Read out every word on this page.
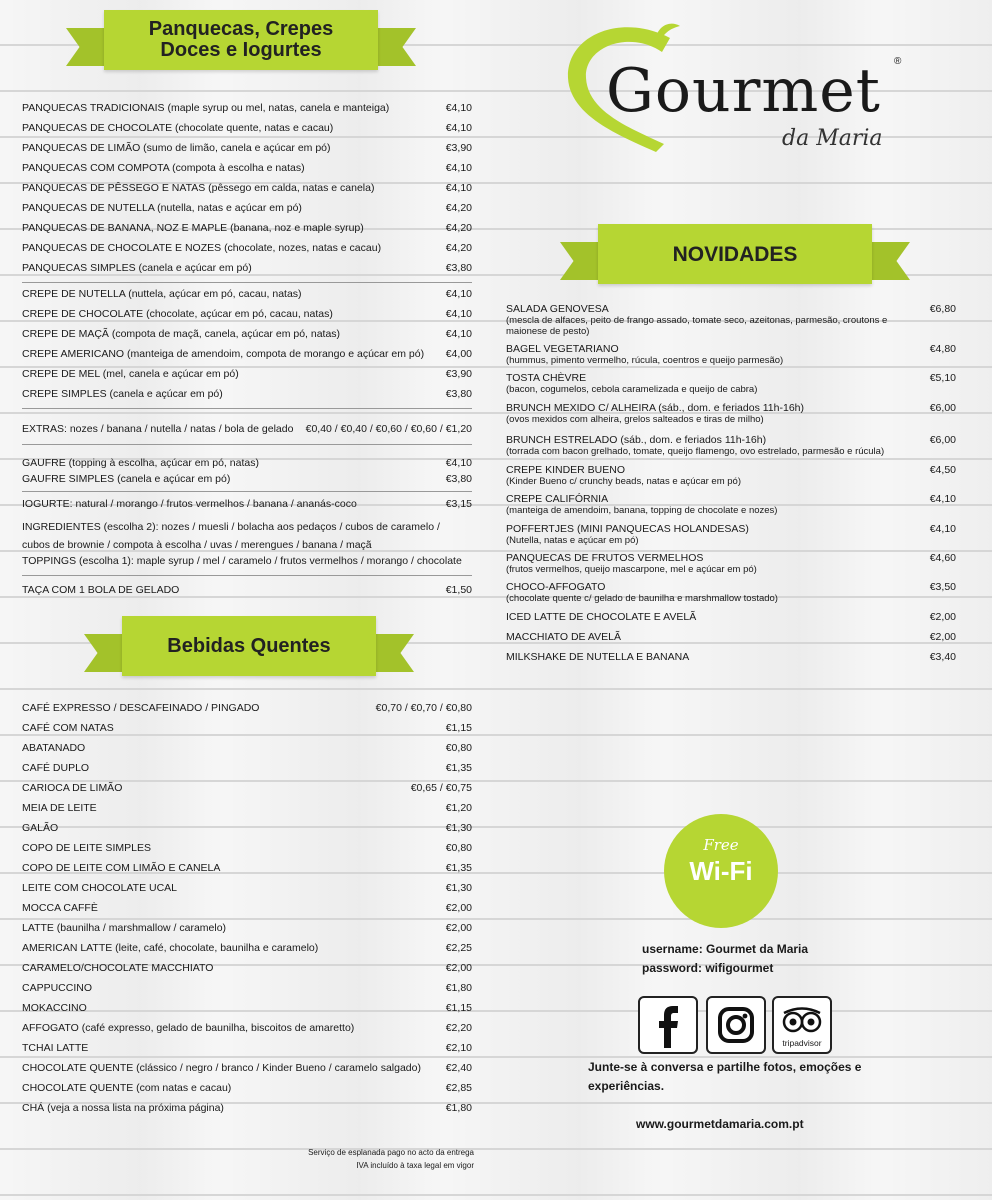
Panquecas, Crepes
Doces e Iogurtes
Gourmet ®
da Maria
PANQUECAS TRADICIONAIS (maple syrup ou mel, natas, canela e manteiga)	€4,10
PANQUECAS DE CHOCOLATE (chocolate quente, natas e cacau)	€4,10
PANQUECAS DE LIMÃO (sumo de limão, canela e açúcar em pó)	€3,90
PANQUECAS COM COMPOTA (compota à escolha e natas)	€4,10
PANQUECAS DE PÊSSEGO E NATAS (pêssego em calda, natas e canela)	€4,10
PANQUECAS DE NUTELLA (nutella, natas e açúcar em pó)	€4,20
PANQUECAS DE BANANA, NOZ E MAPLE (banana, noz e maple syrup)	€4,20
PANQUECAS DE CHOCOLATE E NOZES (chocolate, nozes, natas e cacau)	€4,20
PANQUECAS SIMPLES (canela e açúcar em pó)	€3,80
CREPE DE NUTELLA (nuttela, açúcar em pó, cacau, natas)	€4,10
CREPE DE CHOCOLATE (chocolate, açúcar em pó, cacau, natas)	€4,10
CREPE DE MAÇÃ (compota de maçã, canela, açúcar em pó, natas)	€4,10
CREPE AMERICANO (manteiga de amendoim, compota de morango e açúcar em pó)	€4,00
CREPE DE MEL (mel, canela e açúcar em pó)	€3,90
CREPE SIMPLES (canela e açúcar em pó)	€3,80
EXTRAS: nozes / banana / nutella / natas / bola de gelado	€0,40 / €0,40 / €0,60 / €0,60 / €1,20
GAUFRE (topping à escolha, açúcar em pó, natas)	€4,10
GAUFRE SIMPLES (canela e açúcar em pó)	€3,80
IOGURTE: natural / morango / frutos vermelhos / banana / ananás-coco	€3,15
INGREDIENTES (escolha 2): nozes / muesli / bolacha aos pedaços / cubos de caramelo / cubos de brownie / compota à escolha / uvas / merengues / banana / maçã
TOPPINGS (escolha 1): maple syrup / mel / caramelo / frutos vermelhos / morango / chocolate
TAÇA COM 1 BOLA DE GELADO	€1,50
Bebidas Quentes
CAFÉ EXPRESSO / DESCAFEINADO / PINGADO	€0,70 / €0,70 / €0,80
CAFÉ COM NATAS	€1,15
ABATANADO	€0,80
CAFÉ DUPLO	€1,35
CARIOCA DE LIMÃO	€0,65 / €0,75
MEIA DE LEITE	€1,20
GALÃO	€1,30
COPO DE LEITE SIMPLES	€0,80
COPO DE LEITE COM LIMÃO E CANELA	€1,35
LEITE COM CHOCOLATE UCAL	€1,30
MOCCA CAFFÈ	€2,00
LATTE (baunilha / marshmallow / caramelo)	€2,00
AMERICAN LATTE (leite, café, chocolate, baunilha e caramelo)	€2,25
CARAMELO/CHOCOLATE MACCHIATO	€2,00
CAPPUCCINO	€1,80
MOKACCINO	€1,15
AFFOGATO (café expresso, gelado de baunilha, biscoitos de amaretto)	€2,20
TCHAI LATTE	€2,10
CHOCOLATE QUENTE (clássico / negro / branco / Kinder Bueno / caramelo salgado)	€2,40
CHOCOLATE QUENTE (com natas e cacau)	€2,85
CHÁ (veja a nossa lista na próxima página)	€1,80
Serviço de esplanada pago no acto da entrega
IVA incluído à taxa legal em vigor
NOVIDADES
SALADA GENOVESA	€6,80
(mescla de alfaces, peito de frango assado, tomate seco, azeitonas, parmesão, croutons e maionese de pesto)
BAGEL VEGETARIANO	€4,80
(hummus, pimento vermelho, rúcula, coentros e queijo parmesão)
TOSTA CHÈVRE	€5,10
(bacon, cogumelos, cebola caramelizada e queijo de cabra)
BRUNCH MEXIDO C/ ALHEIRA (sáb., dom. e feriados 11h-16h)	€6,00
(ovos mexidos com alheira, grelos salteados e tiras de milho)
BRUNCH ESTRELADO (sáb., dom. e feriados 11h-16h)	€6,00
(torrada com bacon grelhado, tomate, queijo flamengo, ovo estrelado, parmesão e rúcula)
CREPE KINDER BUENO	€4,50
(Kinder Bueno c/ crunchy beads, natas e açúcar em pó)
CREPE CALIFÓRNIA	€4,10
(manteiga de amendoim, banana, topping de chocolate e nozes)
POFFERTJES (MINI PANQUECAS HOLANDESAS)	€4,10
(Nutella, natas e açúcar em pó)
PANQUECAS DE FRUTOS VERMELHOS	€4,60
(frutos vermelhos, queijo mascarpone, mel e açúcar em pó)
CHOCO-AFFOGATO	€3,50
(chocolate quente c/ gelado de baunilha e marshmallow tostado)
ICED LATTE DE CHOCOLATE E AVELÃ	€2,00
MACCHIATO DE AVELÃ	€2,00
MILKSHAKE DE NUTELLA E BANANA	€3,40
Free
Wi-Fi
username: Gourmet da Maria
password: wifigourmet
tripadvisor
Junte-se à conversa e partilhe fotos, emoções e experiências.
www.gourmetdamaria.com.pt
